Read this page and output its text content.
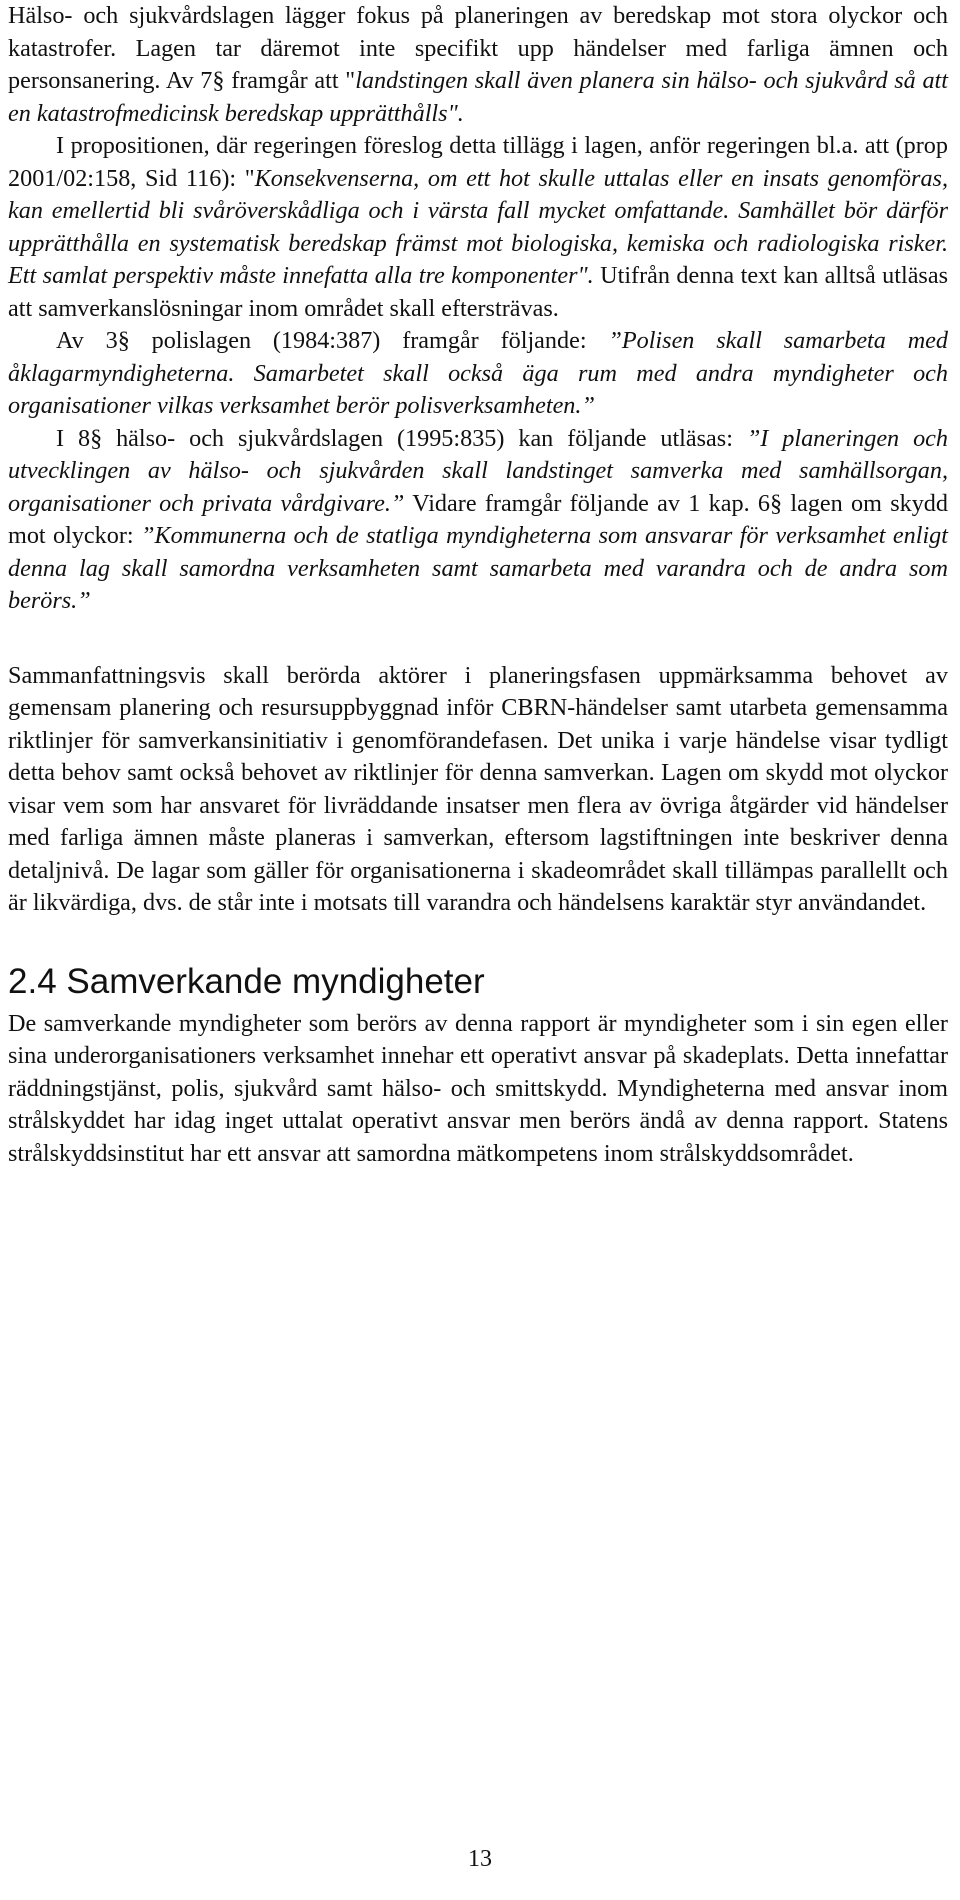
Hälso- och sjukvårdslagen lägger fokus på planeringen av beredskap mot stora olyckor och katastrofer. Lagen tar däremot inte specifikt upp händelser med farliga ämnen och personsanering. Av 7§ framgår att "landstingen skall även planera sin hälso- och sjukvård så att en katastrofmedicinsk beredskap upprätthålls".

I propositionen, där regeringen föreslog detta tillägg i lagen, anför regeringen bl.a. att (prop 2001/02:158, Sid 116): "Konsekvenserna, om ett hot skulle uttalas eller en insats genomföras, kan emellertid bli svåröverskådliga och i värsta fall mycket omfattande. Samhället bör därför upprätthålla en systematisk beredskap främst mot biologiska, kemiska och radiologiska risker. Ett samlat perspektiv måste innefatta alla tre komponenter". Utifrån denna text kan alltså utläsas att samverkanslösningar inom området skall eftersträvas.

Av 3§ polislagen (1984:387) framgår följande: ”Polisen skall samarbeta med åklagarmyndigheterna. Samarbetet skall också äga rum med andra myndigheter och organisationer vilkas verksamhet berör polisverksamheten.”

I 8§ hälso- och sjukvårdslagen (1995:835) kan följande utläsas: ”I planeringen och utvecklingen av hälso- och sjukvården skall landstinget samverka med samhällsorgan, organisationer och privata vårdgivare.” Vidare framgår följande av 1 kap. 6§ lagen om skydd mot olyckor: ”Kommunerna och de statliga myndigheterna som ansvarar för verksamhet enligt denna lag skall samordna verksamheten samt samarbeta med varandra och de andra som berörs.”

Sammanfattningsvis skall berörda aktörer i planeringsfasen uppmärksamma behovet av gemensam planering och resursuppbyggnad inför CBRN-händelser samt utarbeta gemensamma riktlinjer för samverkansinitiativ i genomförandefasen. Det unika i varje händelse visar tydligt detta behov samt också behovet av riktlinjer för denna samverkan. Lagen om skydd mot olyckor visar vem som har ansvaret för livräddande insatser men flera av övriga åtgärder vid händelser med farliga ämnen måste planeras i samverkan, eftersom lagstiftningen inte beskriver denna detaljnivå. De lagar som gäller för organisationerna i skadeområdet skall tillämpas parallellt och är likvärdiga, dvs. de står inte i motsats till varandra och händelsens karaktär styr användandet.

2.4 Samverkande myndigheter

De samverkande myndigheter som berörs av denna rapport är myndigheter som i sin egen eller sina underorganisationers verksamhet innehar ett operativt ansvar på skadeplats. Detta innefattar räddningstjänst, polis, sjukvård samt hälso- och smittskydd. Myndigheterna med ansvar inom strålskyddet har idag inget uttalat operativt ansvar men berörs ändå av denna rapport. Statens strålskyddsinstitut har ett ansvar att samordna mätkompetens inom strålskyddsområdet.

13
